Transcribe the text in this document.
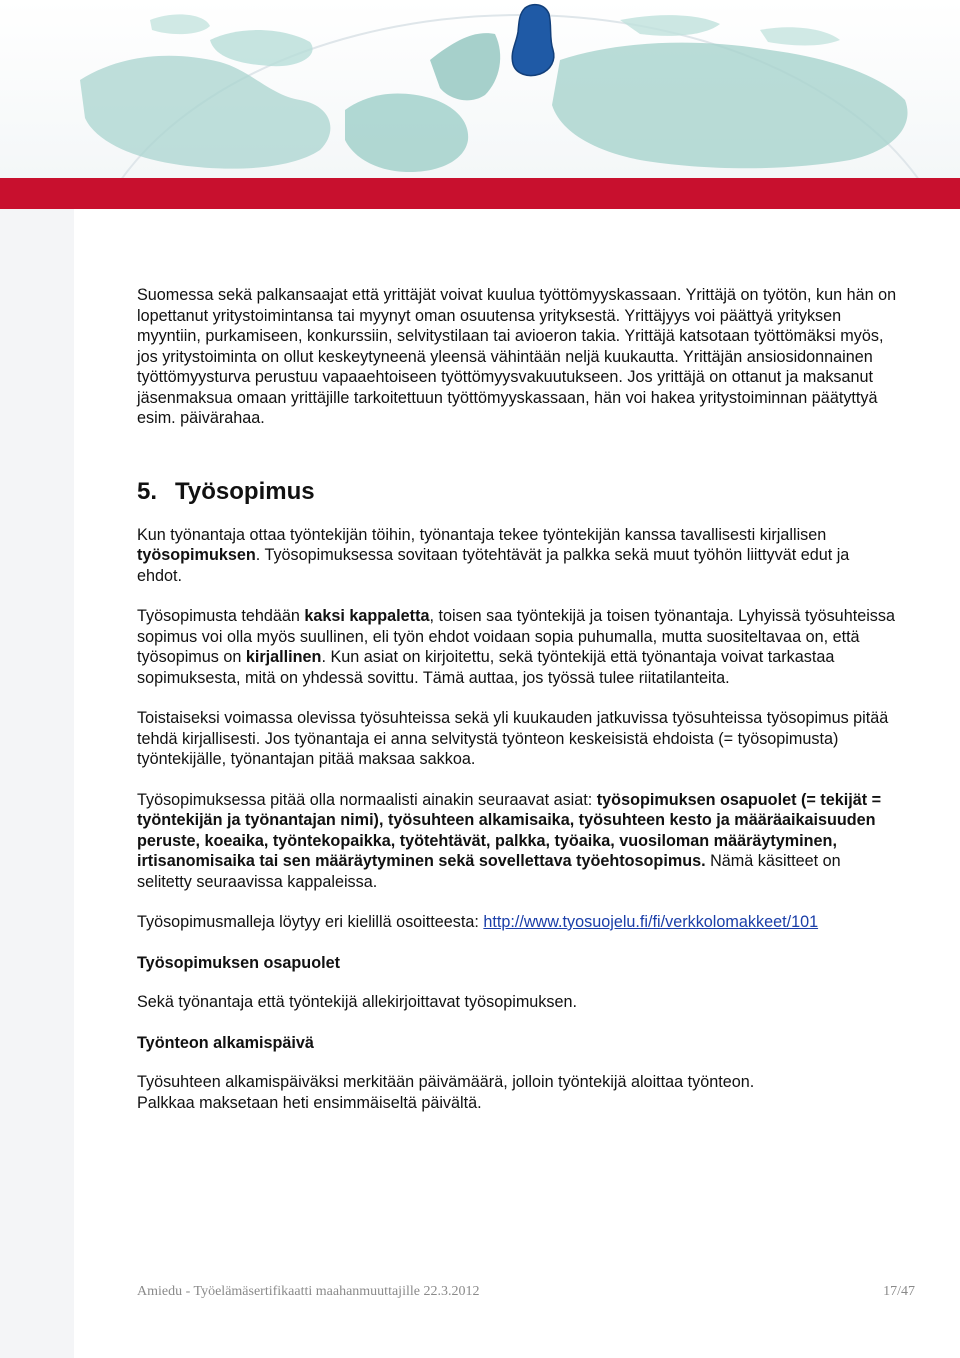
Suomessa sekä palkansaajat että yrittäjät voivat kuulua työttömyyskassaan. Yrittäjä on työtön, kun hän on lopettanut yritystoimintansa tai myynyt oman osuutensa yrityksestä. Yrittäjyys voi päättyä yrityksen myyntiin, purkamiseen, konkurssiin, selvitystilaan tai avioeron takia. Yrittäjä katsotaan työttömäksi myös, jos yritystoiminta on ollut keskeytyneenä yleensä vähintään neljä kuukautta. Yrittäjän ansiosidonnainen työttömyysturva perustuu vapaaehtoiseen työttömyysvakuutukseen. Jos yrittäjä on ottanut ja maksanut jäsenmaksua omaan yrittäjille tarkoitettuun työttömyyskassaan, hän voi hakea yritystoiminnan päätyttyä esim. päivärahaa.

5. Työsopimus

Kun työnantaja ottaa työntekijän töihin, työnantaja tekee työntekijän kanssa tavallisesti kirjallisen työsopimuksen. Työsopimuksessa sovitaan työtehtävät ja palkka sekä muut työhön liittyvät edut ja ehdot.

Työsopimusta tehdään kaksi kappaletta, toisen saa työntekijä ja toisen työnantaja. Lyhyissä työsuhteissa sopimus voi olla myös suullinen, eli työn ehdot voidaan sopia puhumalla, mutta suositeltavaa on, että työsopimus on kirjallinen. Kun asiat on kirjoitettu, sekä työntekijä että työnantaja voivat tarkastaa sopimuksesta, mitä on yhdessä sovittu. Tämä auttaa, jos työssä tulee riitatilanteita.

Toistaiseksi voimassa olevissa työsuhteissa sekä yli kuukauden jatkuvissa työsuhteissa työsopimus pitää tehdä kirjallisesti. Jos työnantaja ei anna selvitystä työnteon keskeisistä ehdoista (= työsopimusta) työntekijälle, työnantajan pitää maksaa sakkoa.

Työsopimuksessa pitää olla normaalisti ainakin seuraavat asiat: työsopimuksen osapuolet (= tekijät = työntekijän ja työnantajan nimi), työsuhteen alkamisaika, työsuhteen kesto ja määräaikaisuuden peruste, koeaika, työntekopaikka, työtehtävät, palkka, työaika, vuosiloman määräytyminen, irtisanomisaika tai sen määräytyminen sekä sovellettava työehtosopimus. Nämä käsitteet on selitetty seuraavissa kappaleissa.

Työsopimusmalleja löytyy eri kielillä osoitteesta: http://www.tyosuojelu.fi/fi/verkkolomakkeet/101

Työsopimuksen osapuolet

Sekä työnantaja että työntekijä allekirjoittavat työsopimuksen.

Työnteon alkamispäivä

Työsuhteen alkamispäiväksi merkitään päivämäärä, jolloin työntekijä aloittaa työnteon.

Palkkaa maksetaan heti ensimmäiseltä päivältä.

Amiedu - Työelämäsertifikaatti maahanmuuttajille 22.3.2012	17/47
